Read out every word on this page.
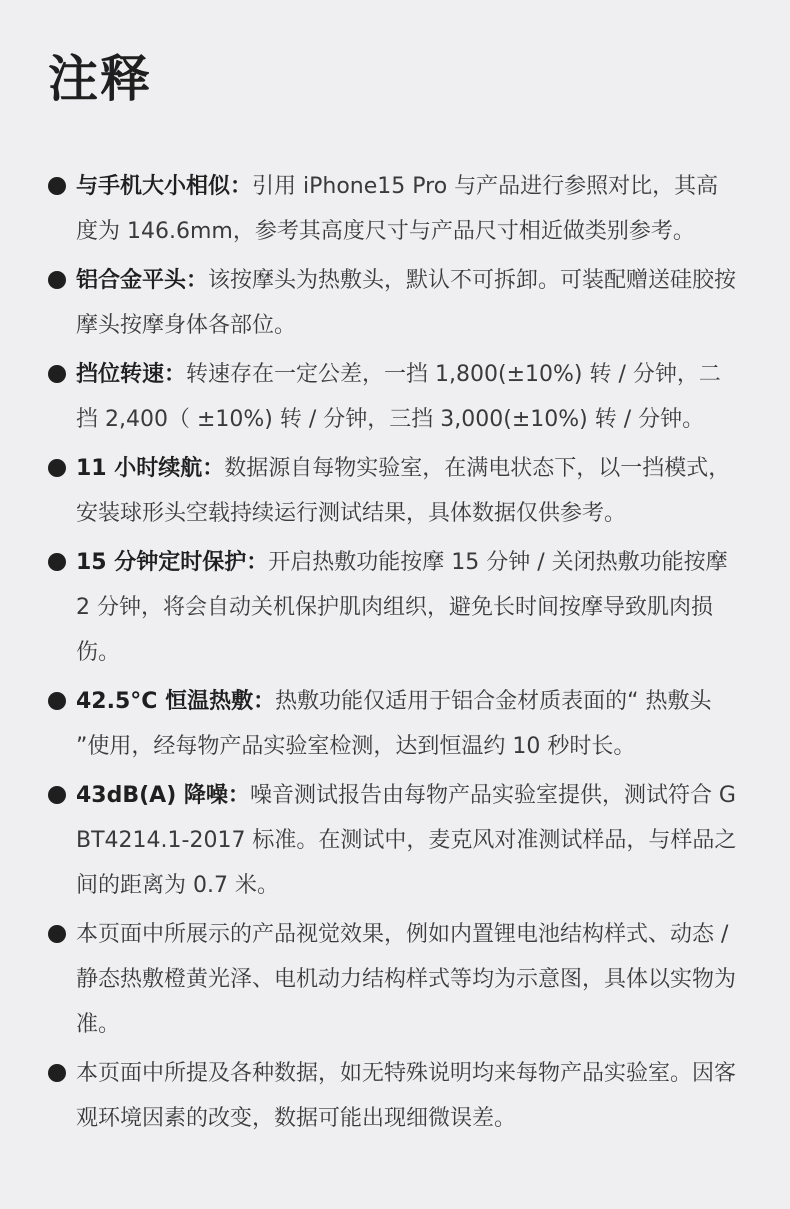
注释
与手机大小相似：引用 iPhone15 Pro 与产品进行参照对比，其高度为 146.6mm，参考其高度尺寸与产品尺寸相近做类别参考。
铝合金平头：该按摩头为热敷头，默认不可拆卸。可装配赠送硅胶按摩头按摩身体各部位。
挡位转速：转速存在一定公差，一挡 1,800(±10%) 转 / 分钟，二挡 2,400（ ±10%) 转 / 分钟，三挡 3,000(±10%) 转 / 分钟。
11 小时续航：数据源自每物实验室，在满电状态下，以一挡模式，安装球形头空载持续运行测试结果，具体数据仅供参考。
15 分钟定时保护：开启热敷功能按摩 15 分钟 / 关闭热敷功能按摩 2 分钟，将会自动关机保护肌肉组织，避免长时间按摩导致肌肉损伤。
42.5°C 恒温热敷：热敷功能仅适用于铝合金材质表面的“ 热敷头 ”使用，经每物产品实验室检测，达到恒温约 10 秒时长。
43dB(A) 降噪：噪音测试报告由每物产品实验室提供，测试符合 GBT4214.1-2017 标准。在测试中，麦克风对准测试样品，与样品之间的距离为 0.7 米。
本页面中所展示的产品视觉效果，例如内置锂电池结构样式、动态 / 静态热敷橙黄光泽、电机动力结构样式等均为示意图，具体以实物为准。
本页面中所提及各种数据，如无特殊说明均来每物产品实验室。因客观环境因素的改变，数据可能出现细微误差。
